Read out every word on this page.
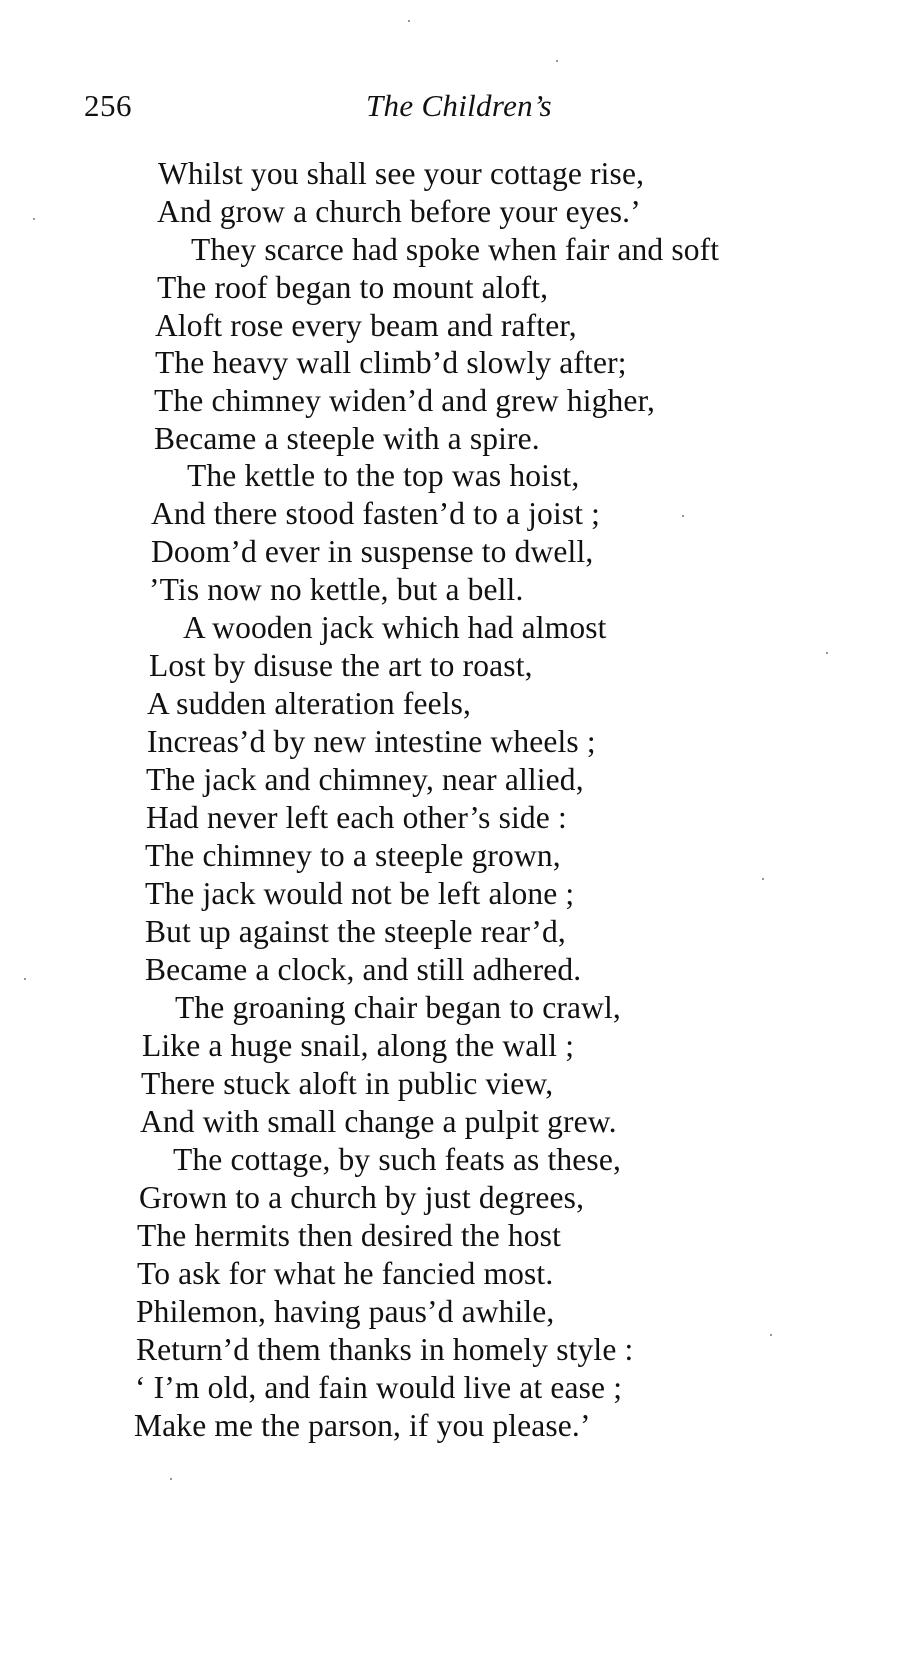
256	The Children’s
Whilst you shall see your cottage rise,
And grow a church before your eyes.’
They scarce had spoke when fair and soft
The roof began to mount aloft,
Aloft rose every beam and rafter,
The heavy wall climb’d slowly after;
The chimney widen’d and grew higher,
Became a steeple with a spire.
The kettle to the top was hoist,
And there stood fasten’d to a joist ;
Doom’d ever in suspense to dwell,
’Tis now no kettle, but a bell.
A wooden jack which had almost
Lost by disuse the art to roast,
A sudden alteration feels,
Increas’d by new intestine wheels ;
The jack and chimney, near allied,
Had never left each other’s side :
The chimney to a steeple grown,
The jack would not be left alone ;
But up against the steeple rear’d,
Became a clock, and still adhered.
The groaning chair began to crawl,
Like a huge snail, along the wall ;
There stuck aloft in public view,
And with small change a pulpit grew.
The cottage, by such feats as these,
Grown to a church by just degrees,
The hermits then desired the host
To ask for what he fancied most.
Philemon, having paus’d awhile,
Return’d them thanks in homely style :
‘ I’m old, and fain would live at ease ;
Make me the parson, if you please.’
